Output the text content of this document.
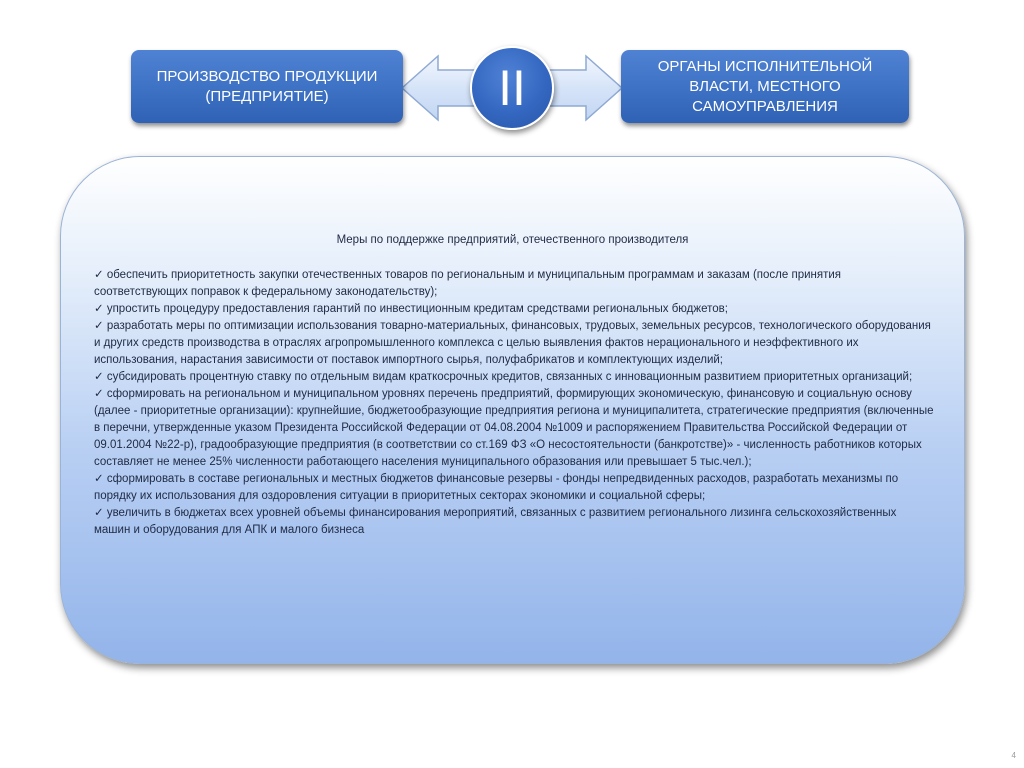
ПРОИЗВОДСТВО ПРОДУКЦИИ
(ПРЕДПРИЯТИЕ)	II	ОРГАНЫ ИСПОЛНИТЕЛЬНОЙ
ВЛАСТИ, МЕСТНОГО
САМОУПРАВЛЕНИЯ
Меры по поддержке предприятий, отечественного производителя
✓ обеспечить приоритетность закупки отечественных товаров по региональным и муниципальным программам и заказам (после принятия соответствующих поправок к федеральному законодательству);
✓ упростить процедуру предоставления гарантий по инвестиционным кредитам средствами региональных бюджетов;
✓ разработать меры по оптимизации использования товарно-материальных, финансовых, трудовых, земельных ресурсов, технологического оборудования и других средств производства в отраслях агропромышленного комплекса с целью выявления фактов нерационального и неэффективного их использования, нарастания зависимости от поставок импортного сырья, полуфабрикатов и комплектующих изделий;
✓ субсидировать процентную ставку по отдельным видам краткосрочных кредитов, связанных с инновационным развитием приоритетных организаций;
✓ сформировать на региональном и муниципальном уровнях перечень предприятий, формирующих экономическую, финансовую и социальную основу (далее - приоритетные организации): крупнейшие, бюджетообразующие предприятия региона и муниципалитета, стратегические предприятия (включенные в перечни, утвержденные указом Президента Российской Федерации от 04.08.2004 №1009 и распоряжением Правительства Российской Федерации от 09.01.2004 №22-р), градообразующие предприятия (в соответствии со ст.169 ФЗ «О несостоятельности (банкротстве)» - численность работников которых составляет не менее 25% численности работающего населения муниципального образования или превышает 5 тыс.чел.);
✓ сформировать в составе региональных и местных бюджетов финансовые резервы - фонды непредвиденных расходов, разработать механизмы по порядку их использования для оздоровления ситуации в приоритетных секторах экономики и социальной сферы;
✓ увеличить в бюджетах всех уровней объемы финансирования мероприятий, связанных с развитием регионального лизинга сельскохозяйственных машин и оборудования для АПК и малого бизнеса
4
